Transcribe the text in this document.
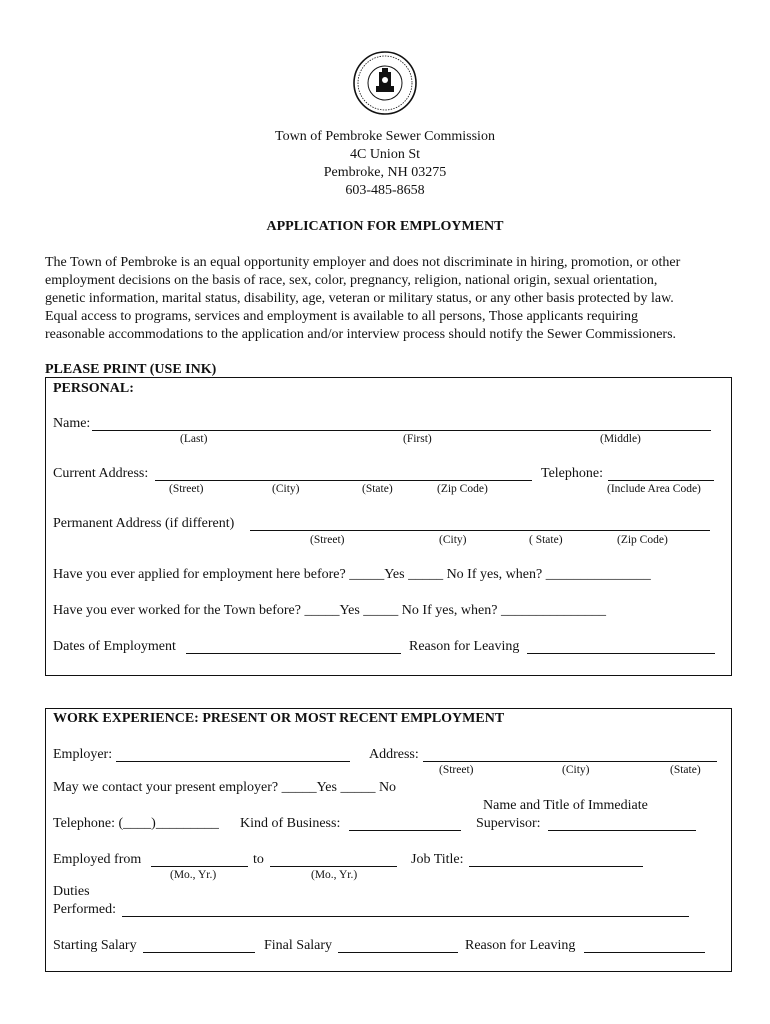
Town of Pembroke Sewer Commission
4C Union St
Pembroke, NH 03275
603-485-8658
APPLICATION FOR EMPLOYMENT
The Town of Pembroke is an equal opportunity employer and does not discriminate in hiring, promotion, or other
employment decisions on the basis of race, sex, color, pregnancy, religion, national origin, sexual orientation,
genetic information, marital status, disability, age, veteran or military status, or any other basis protected by law.
Equal access to programs, services and employment is available to all persons, Those applicants requiring
reasonable accommodations to the application and/or interview process should notify the Sewer Commissioners.
PLEASE PRINT (USE INK)
PERSONAL:
Name:
(Last)	(First)	(Middle)
Current Address:	Telephone:
(Street)	(City)	(State)	(Zip Code)	(Include Area Code)
Permanent Address (if different)
(Street)	(City)	( State)	(Zip Code)
Have you ever applied for employment here before? _____Yes _____ No If yes, when? _______________
Have you ever worked for the Town before? _____Yes _____ No If yes, when? _______________
Dates of Employment	Reason for Leaving
WORK EXPERIENCE: PRESENT OR MOST RECENT EMPLOYMENT
Employer:	Address:
(Street)	(City)	(State)
May we contact your present employer? _____Yes _____ No
Name and Title of Immediate
Telephone: (____)_________ Kind of Business:	Supervisor:
Employed from	to	Job Title:
(Mo., Yr.)	(Mo., Yr.)
Duties
Performed:
Starting Salary	Final Salary	Reason for Leaving
